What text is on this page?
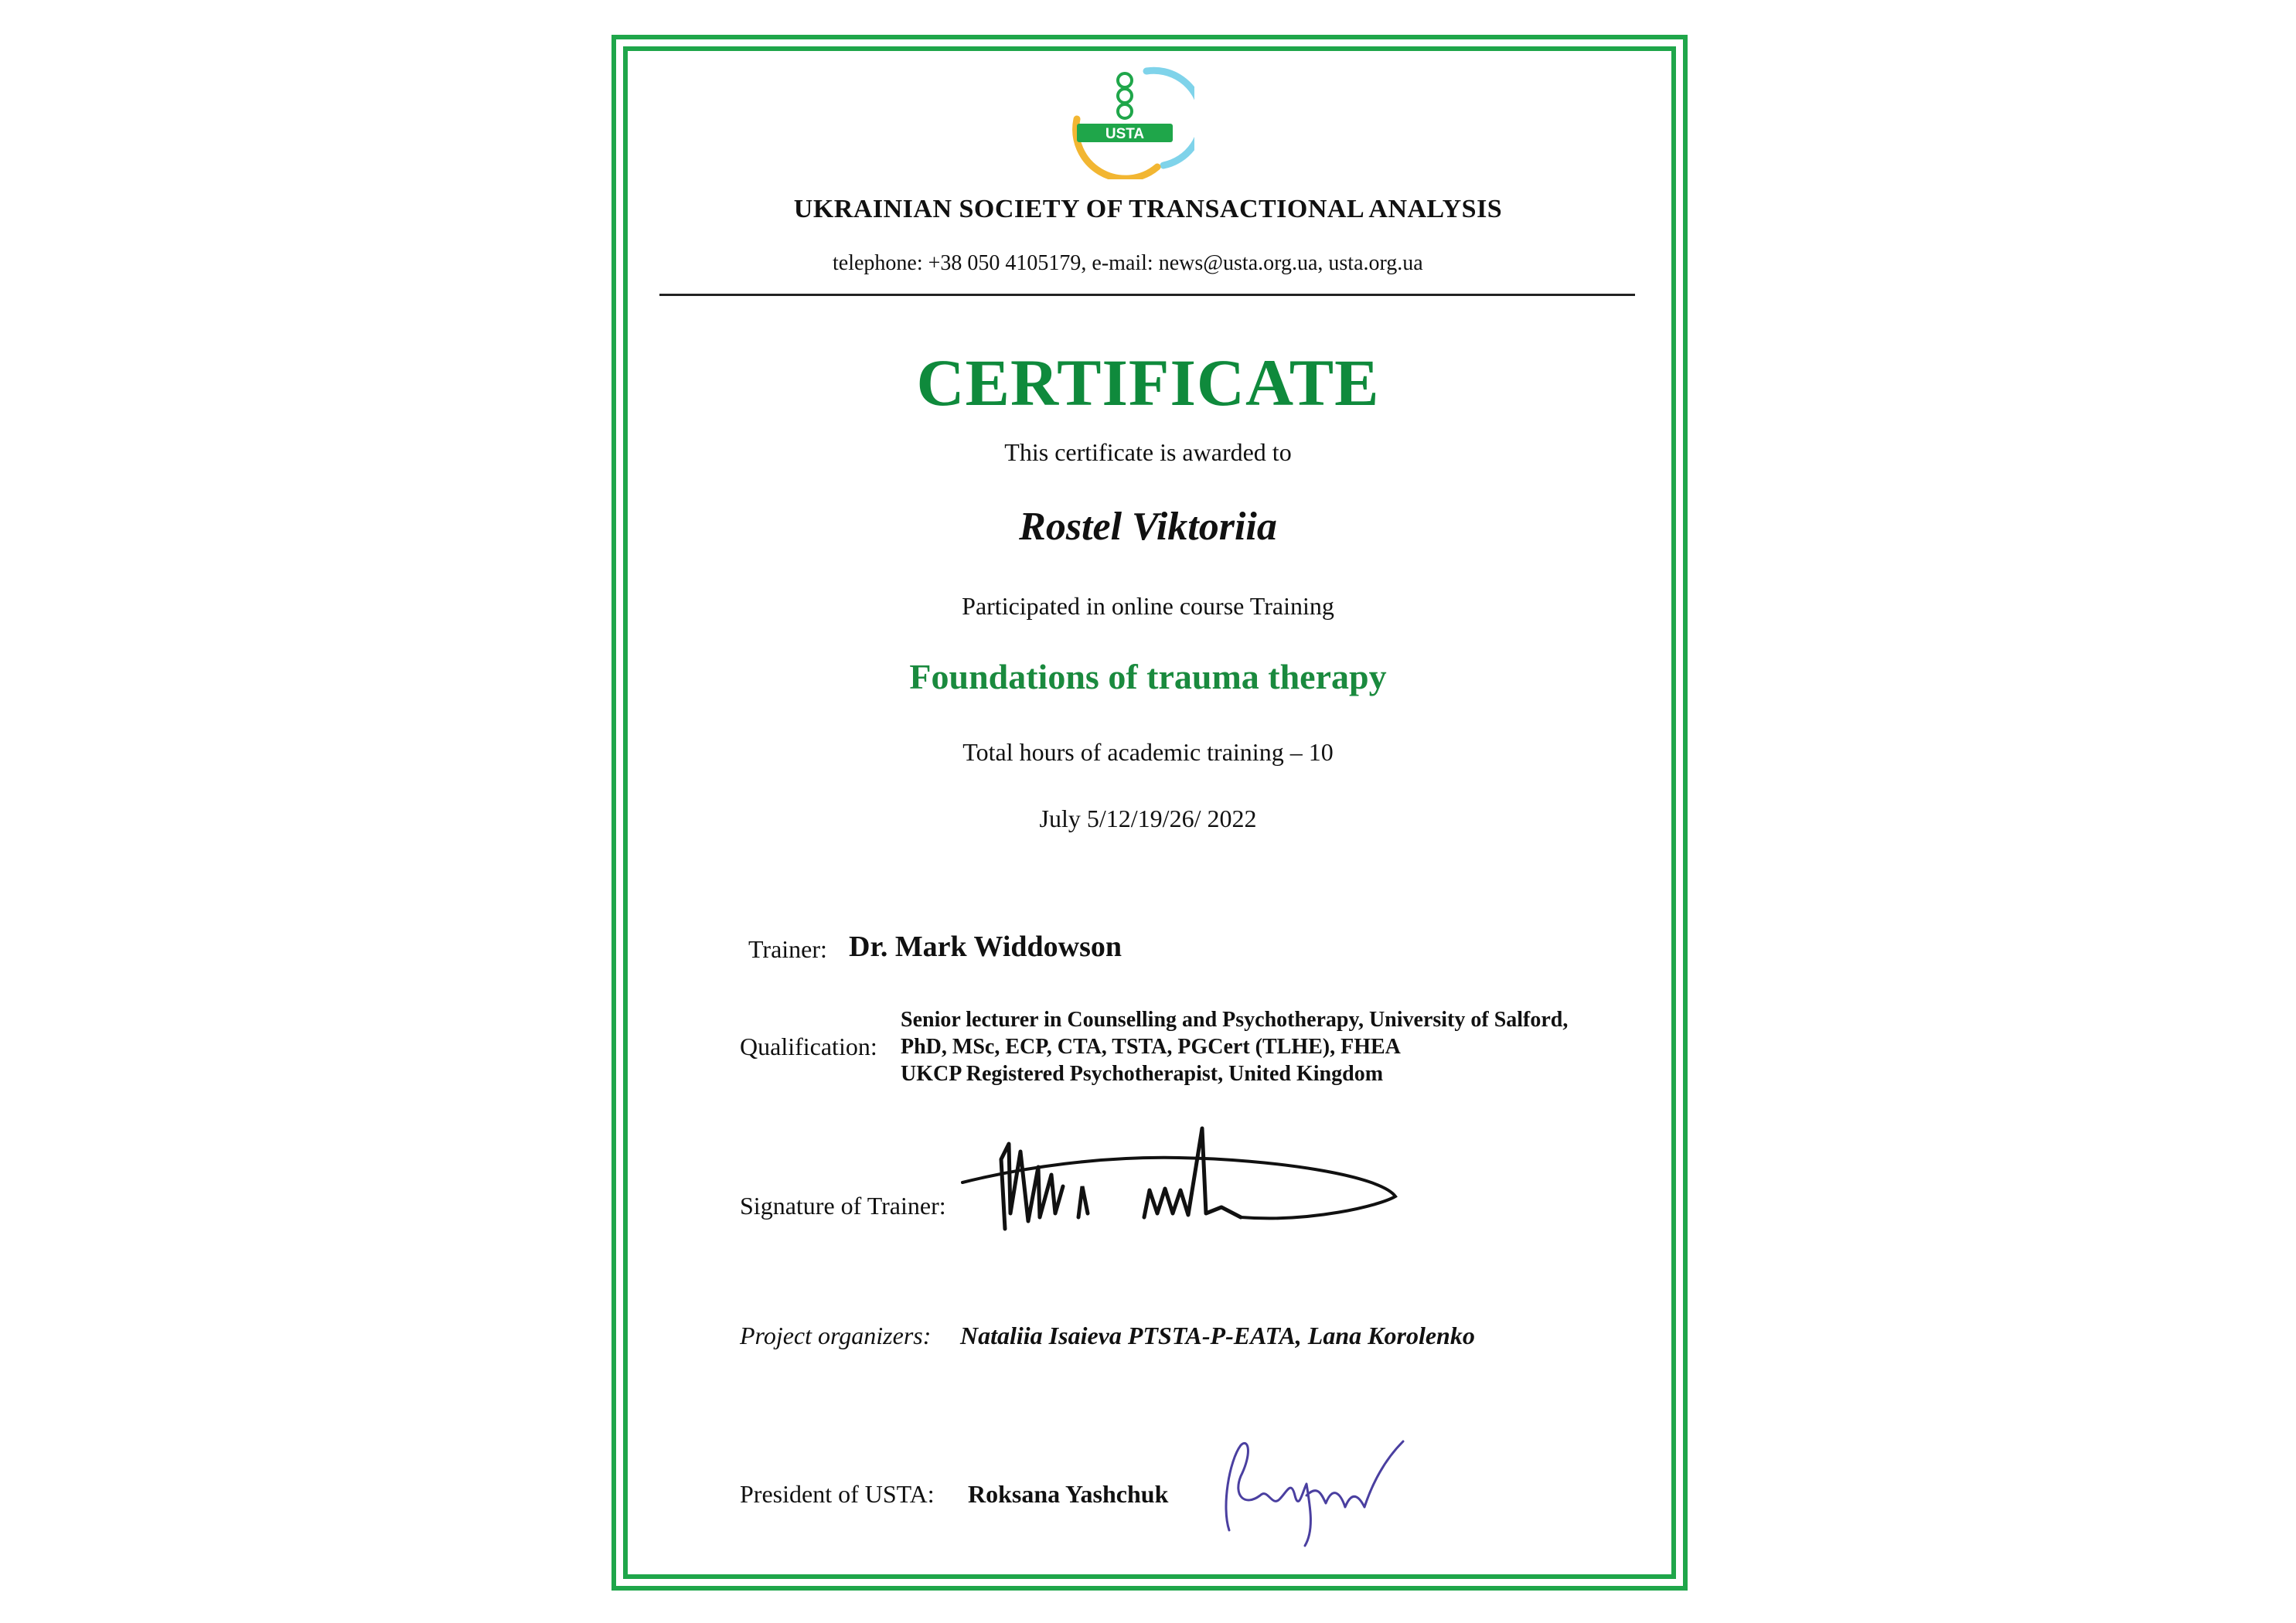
USTA
UKRAINIAN SOCIETY OF TRANSACTIONAL ANALYSIS
telephone: +38 050 4105179, e-mail: news@usta.org.ua, usta.org.ua
CERTIFICATE
This certificate is awarded to
Rostel Viktoriia
Participated in online course Training
Foundations of trauma therapy
Total hours of academic training – 10
July 5/12/19/26/ 2022
Trainer: Dr. Mark Widdowson
Qualification:
Senior lecturer in Counselling and Psychotherapy, University of Salford,
PhD, MSc, ECP, CTA, TSTA, PGCert (TLHE), FHEA
UKCP Registered Psychotherapist, United Kingdom
Signature of Trainer:
Project organizers: Nataliia Isaieva PTSTA-P-EATA, Lana Korolenko
President of USTA: Roksana Yashchuk
